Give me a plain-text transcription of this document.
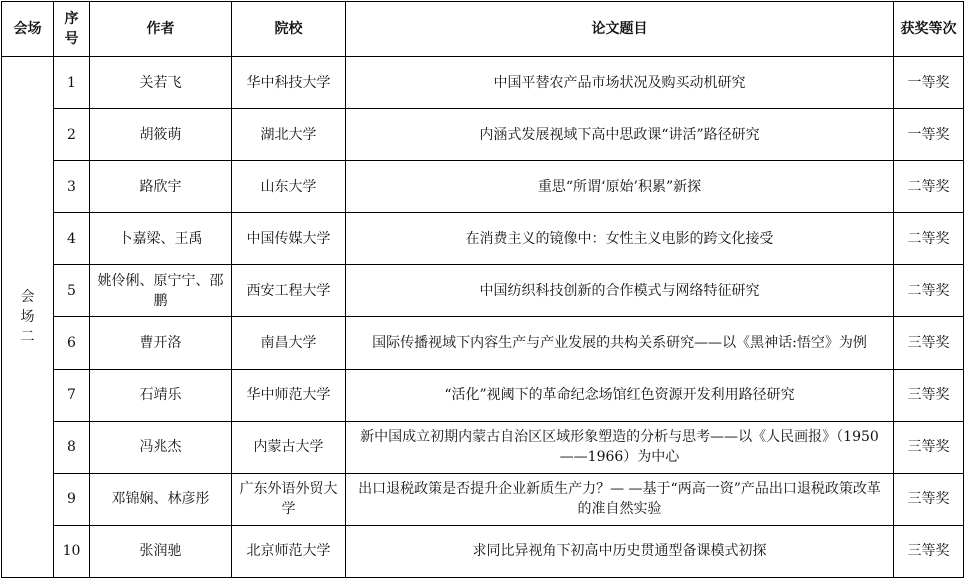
会场	序号	作者	院校	论文题目	获奖等次
会场二	1	关若飞	华中科技大学	中国平替农产品市场状况及购买动机研究	一等奖
	2	胡筱萌	湖北大学	内涵式发展视域下高中思政课“讲活”路径研究	一等奖
	3	路欣宇	山东大学	重思“所谓‘原始’积累”新探	二等奖
	4	卜嘉梁、王禹	中国传媒大学	在消费主义的镜像中：女性主义电影的跨文化接受	二等奖
	5	姚伶俐、原宁宁、邵鹏	西安工程大学	中国纺织科技创新的合作模式与网络特征研究	二等奖
	6	曹开洛	南昌大学	国际传播视域下内容生产与产业发展的共构关系研究——以《黑神话:悟空》为例	三等奖
	7	石靖乐	华中师范大学	“活化”视阈下的革命纪念场馆红色资源开发利用路径研究	三等奖
	8	冯兆杰	内蒙古大学	新中国成立初期内蒙古自治区区域形象塑造的分析与思考——以《人民画报》（1950——1966）为中心	三等奖
	9	邓锦娴、林彦彤	广东外语外贸大学	出口退税政策是否提升企业新质生产力？— —基于“两高一资”产品出口退税政策改革的准自然实验	三等奖
	10	张润驰	北京师范大学	求同比异视角下初高中历史贯通型备课模式初探	三等奖
